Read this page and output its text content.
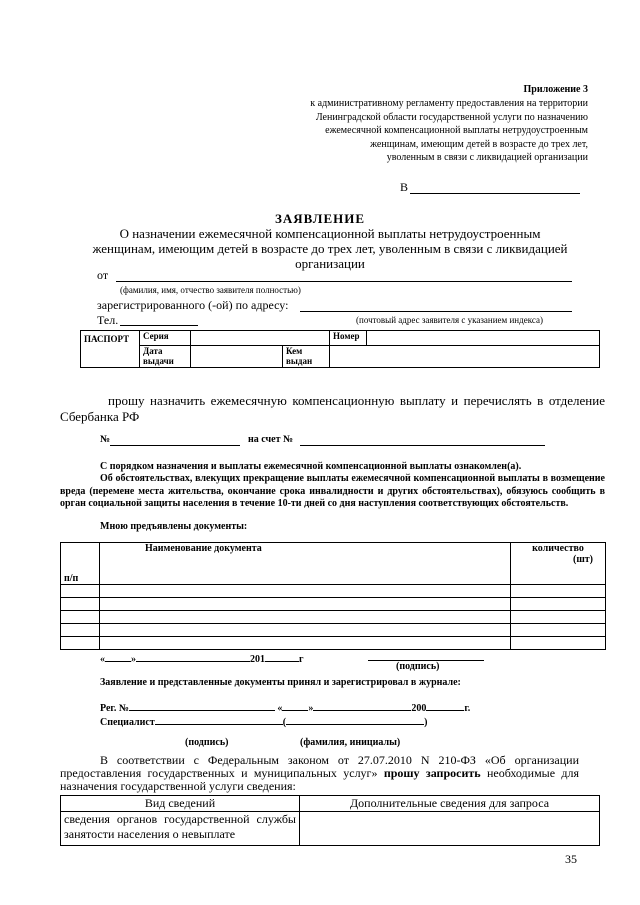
Приложение 3
к административному регламенту предоставления на территории
Ленинградской области государственной услуги по назначению
ежемесячной компенсационной выплаты нетрудоустроенным
женщинам, имеющим детей в возрасте до трех лет,
уволенным в связи с ликвидацией организации
В
ЗАЯВЛЕНИЕ
О назначении ежемесячной компенсационной выплаты нетрудоустроенным
женщинам, имеющим детей в возрасте до трех лет, уволенным в связи с ликвидацией
организации
от
(фамилия, имя, отчество заявителя полностью)
зарегистрированного (-ой) по адресу:
Тел.	(почтовый адрес заявителя с указанием индекса)
ПАСПОРТ	Серия			Номер	
	Дата выдачи		Кем выдан		
прошу назначить ежемесячную компенсационную выплату и перечислять в отделение Сбербанка РФ
№	на счет №
С порядком назначения и выплаты ежемесячной компенсационной выплаты ознакомлен(а).
Об обстоятельствах, влекущих прекращение выплаты ежемесячной компенсационной выплаты в возмещение вреда (перемене места жительства, окончание срока инвалидности и других обстоятельствах), обязуюсь сообщить в орган социальной защиты населения в течение 10-ти дней со дня наступления соответствующих обстоятельств.
Мною предъявлены документы:
п/п	Наименование документа	количество
(шт)

«	»	201	г
(подпись)
Заявление и представленные документы принял и зарегистрировал в журнале:
Рег. №	«	»	200	г.
Специалист	(	)
(подпись)	(фамилия, инициалы)
В соответствии с Федеральным законом от 27.07.2010 N 210-ФЗ «Об организации предоставления государственных и муниципальных услуг» прошу запросить необходимые для назначения государственной услуги сведения:
Вид сведений	Дополнительные сведения для запроса
сведения органов государственной службы занятости населения о невыплате	
35
